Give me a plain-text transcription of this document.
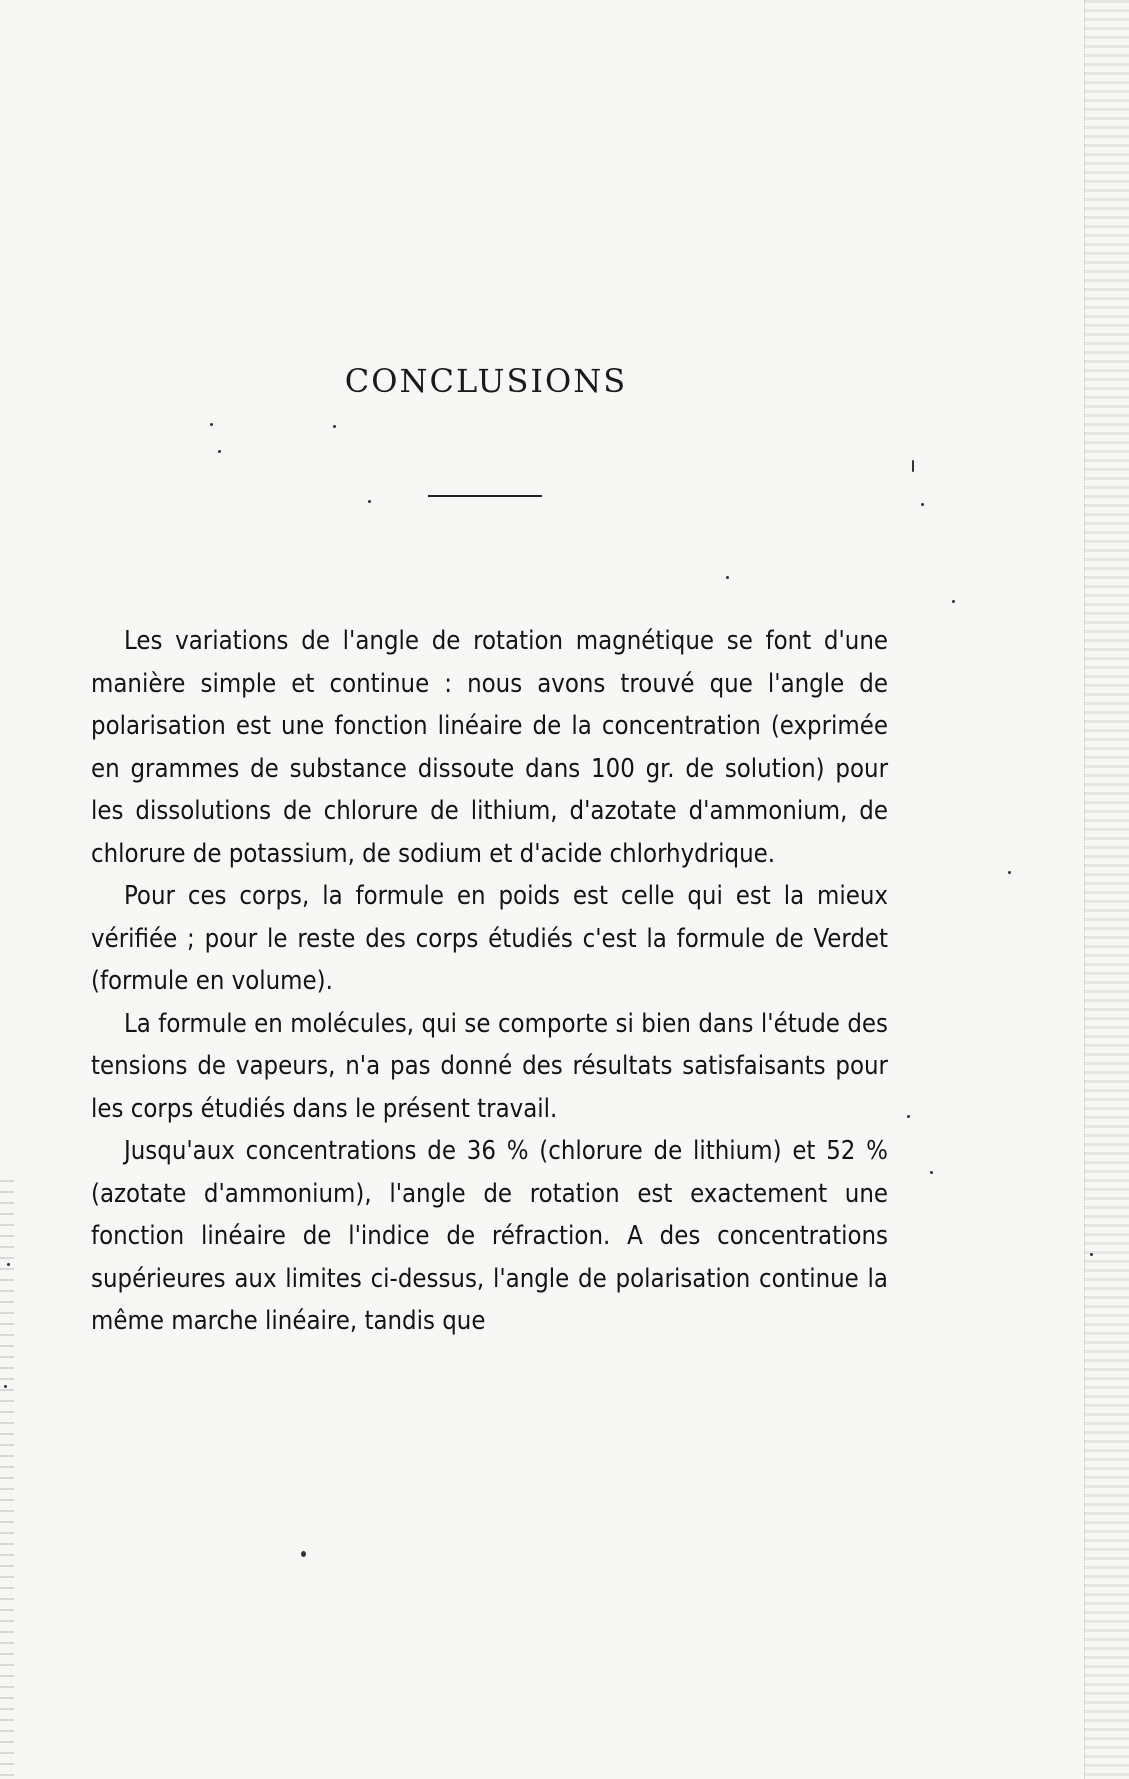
CONCLUSIONS

Les variations de l'angle de rotation magnétique se font d'une manière simple et continue : nous avons trouvé que l'angle de polarisation est une fonction linéaire de la concentration (exprimée en grammes de substance dissoute dans 100 gr. de solution) pour les dissolutions de chlorure de lithium, d'azotate d'ammonium, de chlorure de potassium, de sodium et d'acide chlorhydrique.

Pour ces corps, la formule en poids est celle qui est la mieux vérifiée ; pour le reste des corps étudiés c'est la formule de Verdet (formule en volume).

La formule en molécules, qui se comporte si bien dans l'étude des tensions de vapeurs, n'a pas donné des résultats satisfaisants pour les corps étudiés dans le présent travail.

Jusqu'aux concentrations de 36 % (chlorure de lithium) et 52 % (azotate d'ammonium), l'angle de rotation est exactement une fonction linéaire de l'indice de réfraction. A des concentrations supérieures aux limites ci-dessus, l'angle de polarisation continue la même marche linéaire, tandis que
